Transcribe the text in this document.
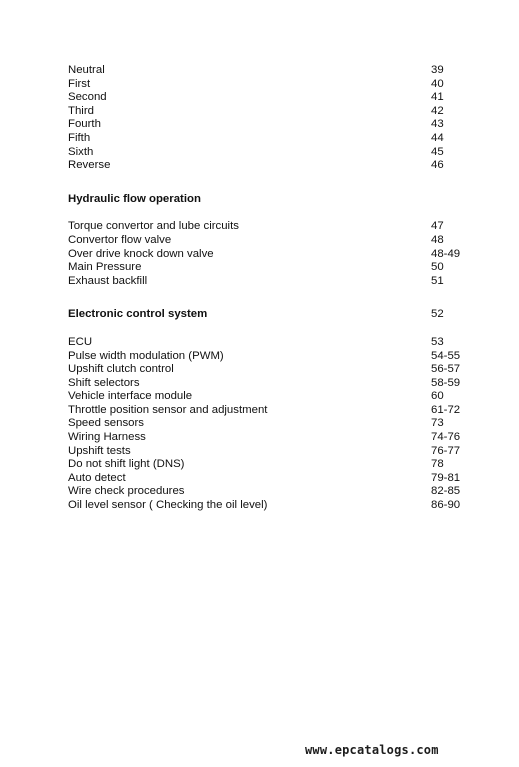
Neutral	39
First	40
Second	41
Third	42
Fourth	43
Fifth	44
Sixth	45
Reverse	46
Hydraulic flow operation
Torque convertor and lube circuits	47
Convertor flow valve	48
Over drive knock down valve	48-49
Main Pressure	50
Exhaust backfill	51
Electronic control system	52
ECU	53
Pulse width modulation (PWM)	54-55
Upshift clutch control	56-57
Shift selectors	58-59
Vehicle interface module	60
Throttle position sensor and adjustment	61-72
Speed sensors	73
Wiring Harness	74-76
Upshift tests	76-77
Do not shift light (DNS)	78
Auto detect	79-81
Wire check procedures	82-85
Oil level sensor ( Checking the oil level)	86-90
www.epcatalogs.com
